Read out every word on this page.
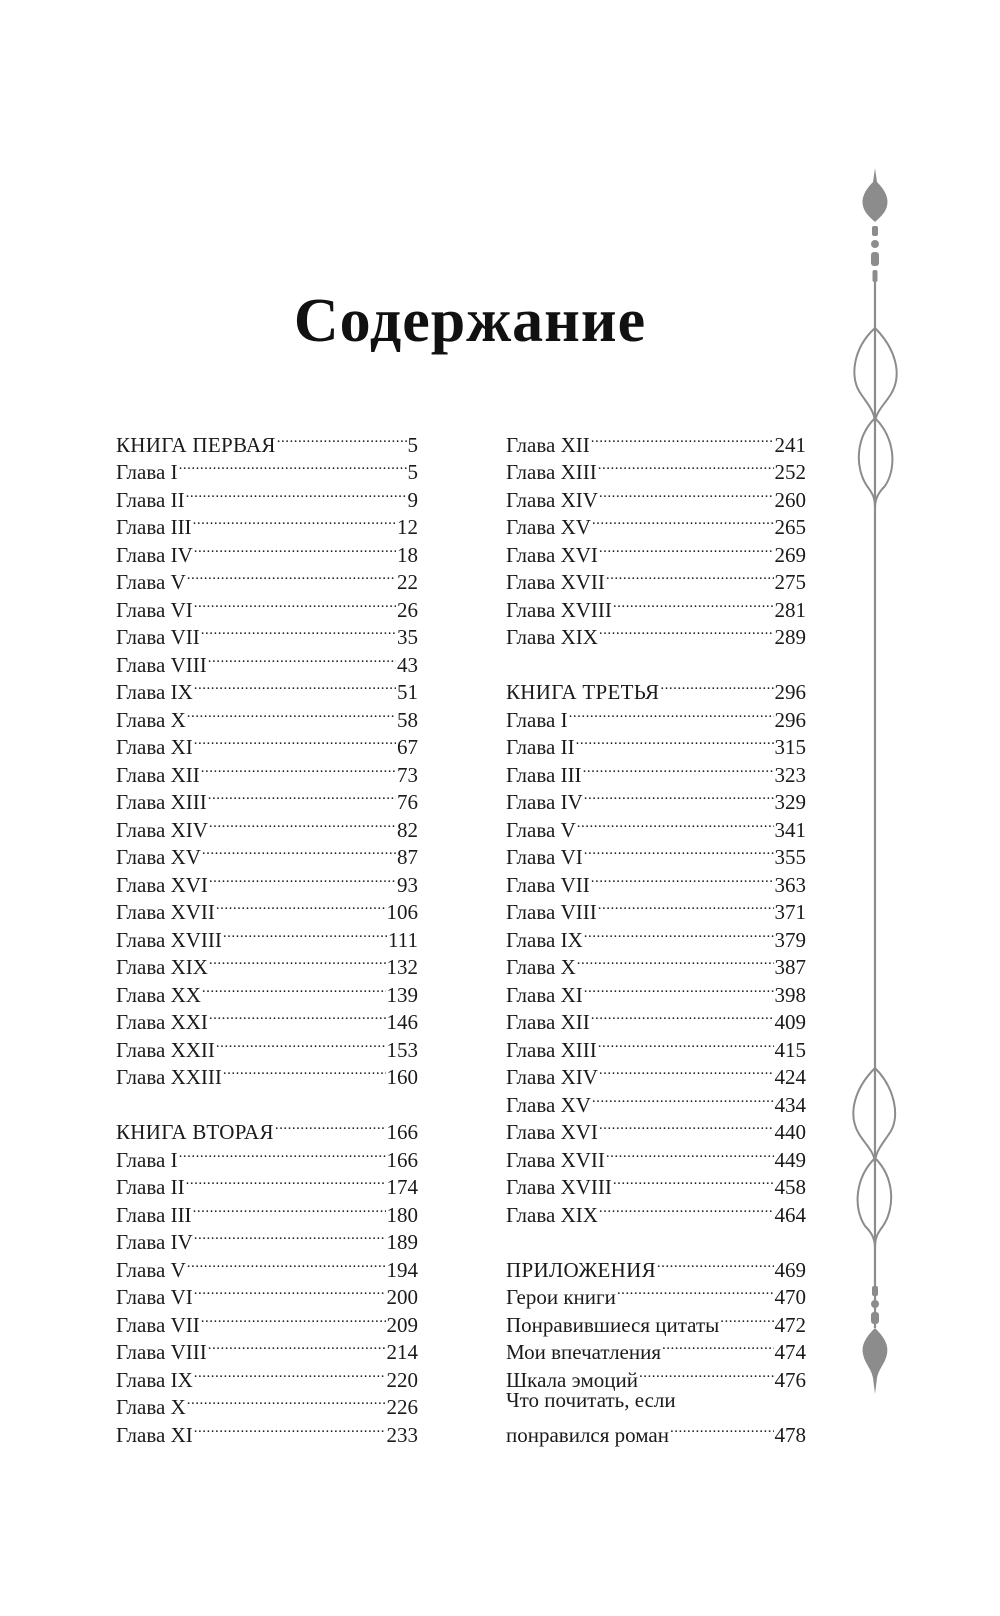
Содержание
КНИГА ПЕРВАЯ .....	5
Глава I .....	5
Глава II .....	9
Глава III .....	12
Глава IV .....	18
Глава V .....	22
Глава VI .....	26
Глава VII .....	35
Глава VIII .....	43
Глава IX .....	51
Глава X .....	58
Глава XI .....	67
Глава XII .....	73
Глава XIII .....	76
Глава XIV .....	82
Глава XV .....	87
Глава XVI .....	93
Глава XVII .....	106
Глава XVIII .....	111
Глава XIX .....	132
Глава XX .....	139
Глава XXI .....	146
Глава XXII .....	153
Глава XXIII .....	160
КНИГА ВТОРАЯ .....	166
Глава I .....	166
Глава II .....	174
Глава III .....	180
Глава IV .....	189
Глава V .....	194
Глава VI .....	200
Глава VII .....	209
Глава VIII .....	214
Глава IX .....	220
Глава X .....	226
Глава XI .....	233
Глава XII .....	241
Глава XIII .....	252
Глава XIV .....	260
Глава XV .....	265
Глава XVI .....	269
Глава XVII .....	275
Глава XVIII .....	281
Глава XIX .....	289
КНИГА ТРЕТЬЯ .....	296
Глава I .....	296
Глава II .....	315
Глава III .....	323
Глава IV .....	329
Глава V .....	341
Глава VI .....	355
Глава VII .....	363
Глава VIII .....	371
Глава IX .....	379
Глава X .....	387
Глава XI .....	398
Глава XII .....	409
Глава XIII .....	415
Глава XIV .....	424
Глава XV .....	434
Глава XVI .....	440
Глава XVII .....	449
Глава XVIII .....	458
Глава XIX .....	464
ПРИЛОЖЕНИЯ .....	469
Герои книги .....	470
Понравившиеся цитаты .....	472
Мои впечатления .....	474
Шкала эмоций .....	476
Что почитать, если
понравился роман .....	478
